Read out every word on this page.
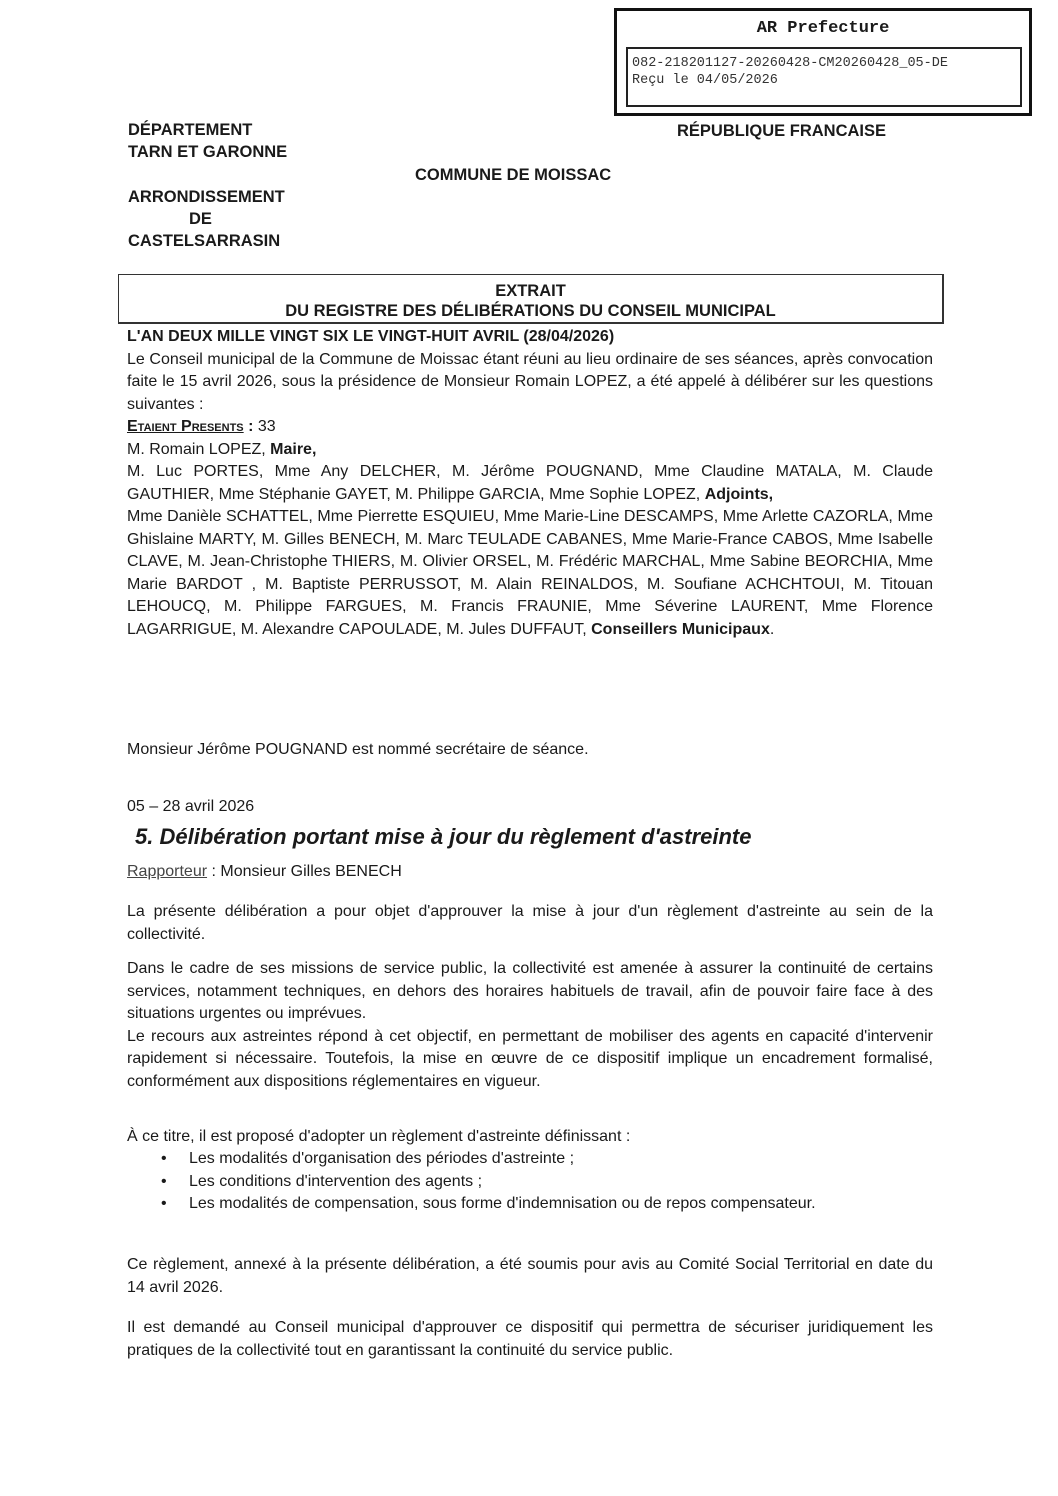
AR Prefecture
082-218201127-20260428-CM20260428_05-DE
Reçu le 04/05/2026
DÉPARTEMENT
TARN ET GARONNE
ARRONDISSEMENT
DE
CASTELSARRASIN
RÉPUBLIQUE FRANCAISE
COMMUNE DE MOISSAC
EXTRAIT
DU REGISTRE DES DÉLIBÉRATIONS DU CONSEIL MUNICIPAL

L'AN DEUX MILLE VINGT SIX LE VINGT-HUIT AVRIL (28/04/2026)

Le Conseil municipal de la Commune de Moissac étant réuni au lieu ordinaire de ses séances, après convocation faite le 15 avril 2026, sous la présidence de Monsieur Romain LOPEZ, a été appelé à délibérer sur les questions suivantes :

Etaient Presents : 33

M. Romain LOPEZ, Maire,

M. Luc PORTES, Mme Any DELCHER, M. Jérôme POUGNAND, Mme Claudine MATALA, M. Claude GAUTHIER, Mme Stéphanie GAYET, M. Philippe GARCIA, Mme Sophie LOPEZ, Adjoints,

Mme Danièle SCHATTEL, Mme Pierrette ESQUIEU, Mme Marie-Line DESCAMPS, Mme Arlette CAZORLA, Mme Ghislaine MARTY, M. Gilles BENECH, M. Marc TEULADE CABANES, Mme Marie-France CABOS, Mme Isabelle CLAVE, M. Jean-Christophe THIERS, M. Olivier ORSEL, M. Frédéric MARCHAL, Mme Sabine BEORCHIA, Mme Marie BARDOT , M. Baptiste PERRUSSOT, M. Alain REINALDOS, M. Soufiane ACHCHTOUI, M. Titouan LEHOUCQ, M. Philippe FARGUES, M. Francis FRAUNIE, Mme Séverine LAURENT, Mme Florence LAGARRIGUE, M. Alexandre CAPOULADE, M. Jules DUFFAUT, Conseillers Municipaux.

Monsieur Jérôme POUGNAND est nommé secrétaire de séance.
05 – 28 avril 2026
5. Délibération portant mise à jour du règlement d'astreinte
Rapporteur : Monsieur Gilles BENECH
La présente délibération a pour objet d'approuver la mise à jour d'un règlement d'astreinte au sein de la collectivité.

Dans le cadre de ses missions de service public, la collectivité est amenée à assurer la continuité de certains services, notamment techniques, en dehors des horaires habituels de travail, afin de pouvoir faire face à des situations urgentes ou imprévues.

Le recours aux astreintes répond à cet objectif, en permettant de mobiliser des agents en capacité d'intervenir rapidement si nécessaire. Toutefois, la mise en œuvre de ce dispositif implique un encadrement formalisé, conformément aux dispositions réglementaires en vigueur.

À ce titre, il est proposé d'adopter un règlement d'astreinte définissant :
• Les modalités d'organisation des périodes d'astreinte ;
• Les conditions d'intervention des agents ;
• Les modalités de compensation, sous forme d'indemnisation ou de repos compensateur.
Ce règlement, annexé à la présente délibération, a été soumis pour avis au Comité Social Territorial en date du 14 avril 2026.
Il est demandé au Conseil municipal d'approuver ce dispositif qui permettra de sécuriser juridiquement les pratiques de la collectivité tout en garantissant la continuité du service public.
